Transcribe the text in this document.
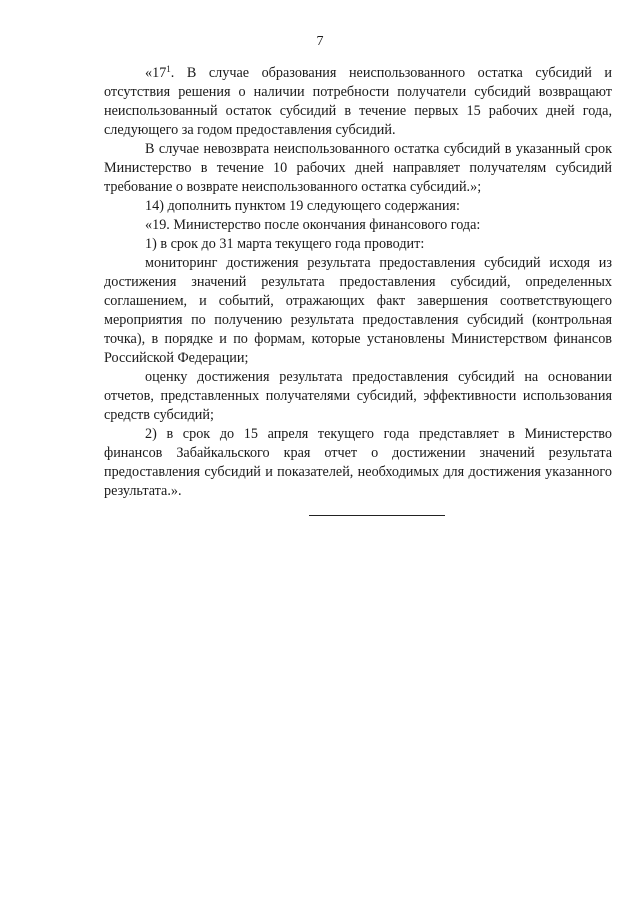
7

«$17^1$. В случае образования неиспользованного остатка субсидий и отсутствия решения о наличии потребности получатели субсидий возвращают неиспользованный остаток субсидий в течение первых 15 рабочих дней года, следующего за годом предоставления субсидий.

В случае невозврата неиспользованного остатка субсидий в указанный срок Министерство в течение 10 рабочих дней направляет получателям субсидий требование о возврате неиспользованного остатка субсидий.»;

14) дополнить пунктом 19 следующего содержания:

«19. Министерство после окончания финансового года:

1) в срок до 31 марта текущего года проводит:

мониторинг достижения результата предоставления субсидий исходя из достижения значений результата предоставления субсидий, определенных соглашением, и событий, отражающих факт завершения соответствующего мероприятия по получению результата предоставления субсидий (контрольная точка), в порядке и по формам, которые установлены Министерством финансов Российской Федерации;

оценку достижения результата предоставления субсидий на основании отчетов, представленных получателями субсидий, эффективности использования средств субсидий;

2) в срок до 15 апреля текущего года представляет в Министерство финансов Забайкальского края отчет о достижении значений результата предоставления субсидий и показателей, необходимых для достижения указанного результата.».
